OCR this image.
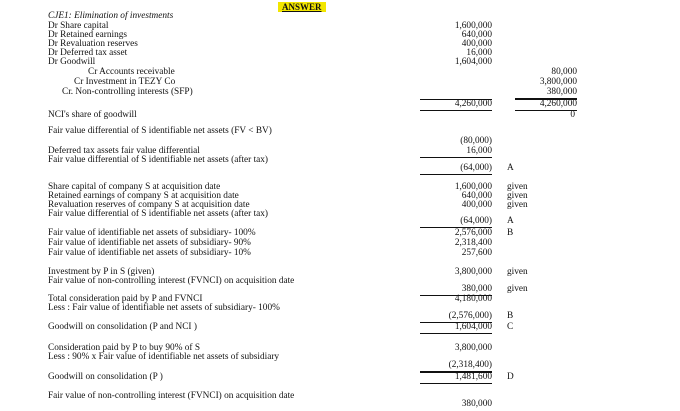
ANSWER
CJE1: Elimination of investments
Dr Share capital	1,600,000
Dr Retained earnings	640,000
Dr Revaluation reserves	400,000
Dr Deferred tax asset	16,000
Dr Goodwill	1,604,000
Cr Accounts receivable	80,000
Cr Investment in TEZY Co	3,800,000
Cr. Non-controlling interests (SFP)	380,000
4,260,000	4,260,000
NCI's share of goodwill	0
Fair value differential of S identifiable net assets (FV < BV)
(80,000)
Deferred tax assets fair value differential	16,000
Fair value differential of S identifiable net assets (after tax)
(64,000) A
Share capital of company S at acquisition date	1,600,000 given
Retained earnings of company S at acquisition date	640,000 given
Revaluation reserves of company S at acquisition date	400,000 given
Fair value differential of S identifiable net assets (after tax)
(64,000) A
Fair value of identifiable net assets of subsidiary- 100%	2,576,000 B
Fair value of identifiable net assets of subsidiary- 90%	2,318,400
Fair value of identifiable net assets of subsidiary- 10%	257,600
Investment by P in S (given)	3,800,000 given
Fair value of non-controlling interest (FVNCI) on acquisition date
380,000 given
Total consideration paid by P and FVNCI	4,180,000
Less : Fair value of identifiable net assets of subsidiary- 100%
(2,576,000) B
Goodwill on consolidation (P and NCI )	1,604,000 C
Consideration paid by P to buy 90% of S	3,800,000
Less : 90% x Fair value of identifiable net assets of subsidiary
(2,318,400)
Goodwill on consolidation (P )	1,481,600 D
Fair value of non-controlling interest (FVNCI) on acquisition date
380,000
